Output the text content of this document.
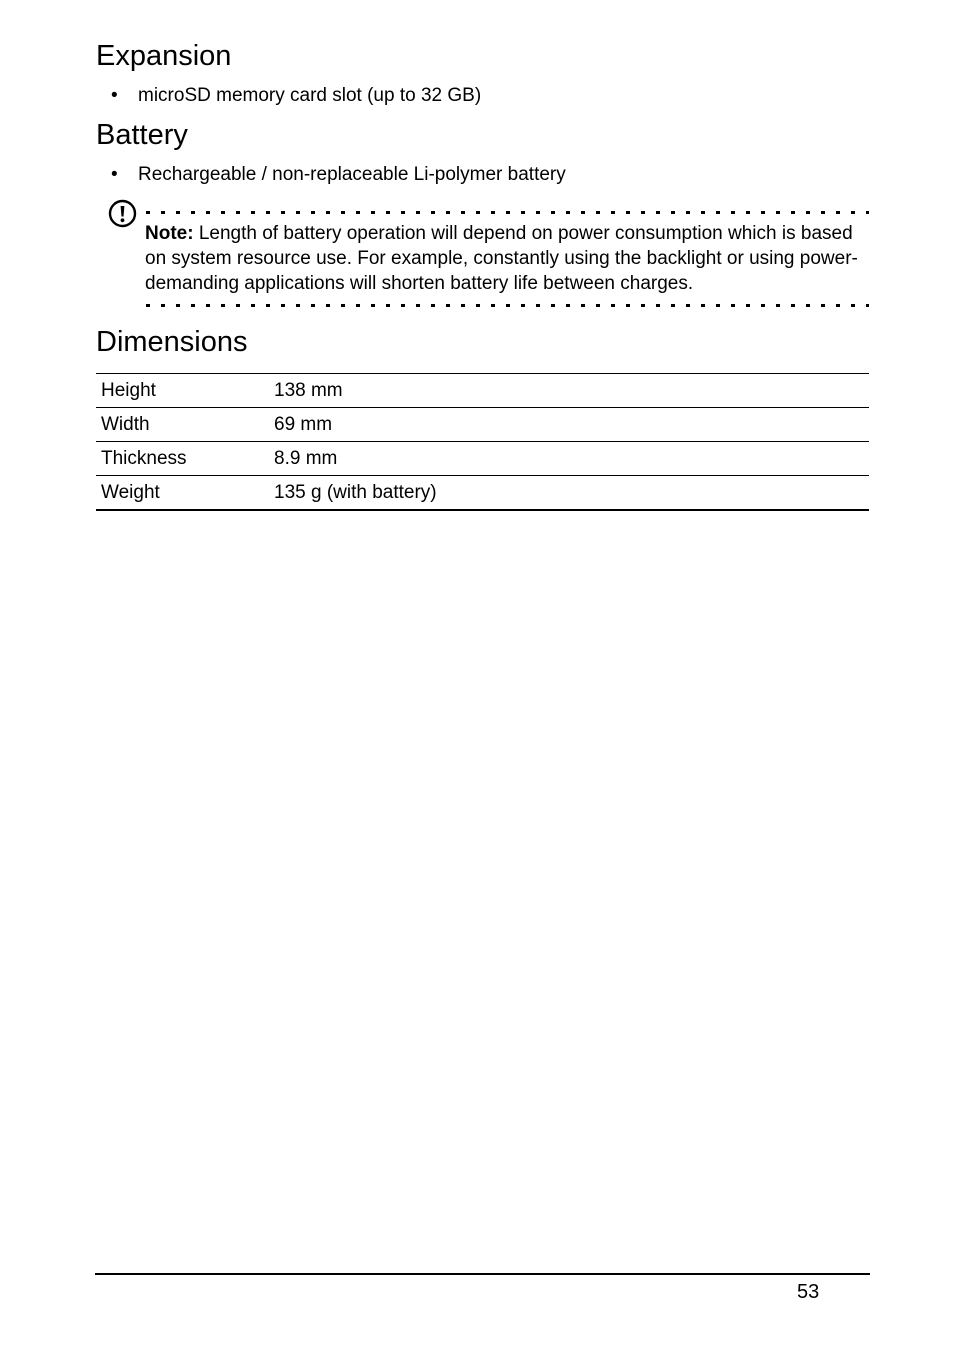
Expansion
• microSD memory card slot (up to 32 GB)
Battery
• Rechargeable / non-replaceable Li-polymer battery
Note: Length of battery operation will depend on power consumption which is based on system resource use. For example, constantly using the backlight or using power-demanding applications will shorten battery life between charges.
Dimensions
Height	138 mm
Width	69 mm
Thickness	8.9 mm
Weight	135 g (with battery)
53
